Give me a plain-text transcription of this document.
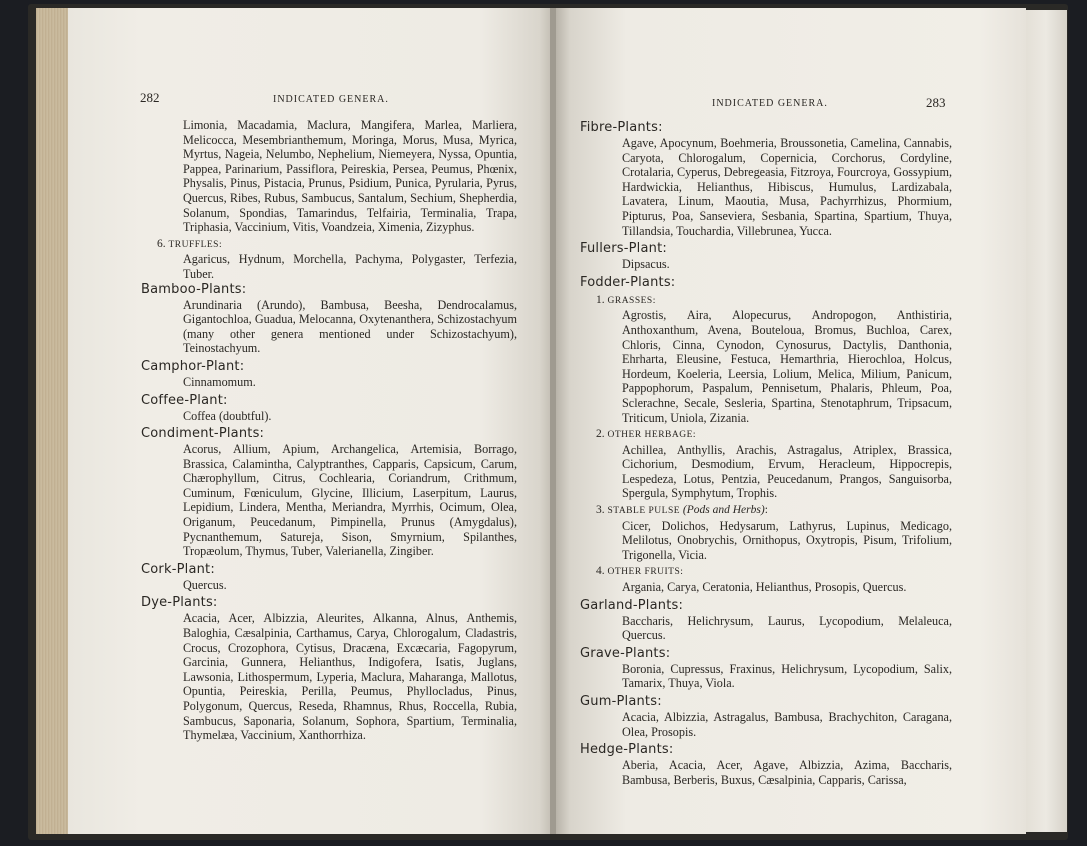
282	INDICATED GENERA.

Limonia, Macadamia, Maclura, Mangifera, Marlea, Marliera, Melicocca, Mesembrianthemum, Moringa, Morus, Musa, Myrica, Myrtus, Nageia, Nelumbo, Nephelium, Niemeyera, Nyssa, Opuntia, Pappea, Parinarium, Passiflora, Peireskia, Persea, Peumus, Phœnix, Physalis, Pinus, Pistacia, Prunus, Psidium, Punica, Pyrularia, Pyrus, Quercus, Ribes, Rubus, Sambucus, Santalum, Sechium, Shepherdia, Solanum, Spondias, Tamarindus, Telfairia, Terminalia, Trapa, Triphasia, Vaccinium, Vitis, Voandzeia, Ximenia, Zizyphus.

6. TRUFFLES:

Agaricus, Hydnum, Morchella, Pachyma, Polygaster, Terfezia, Tuber.

Bamboo-Plants:

Arundinaria (Arundo), Bambusa, Beesha, Dendrocalamus, Gigantochloa, Guadua, Melocanna, Oxytenanthera, Schizostachyum (many other genera mentioned under Schizostachyum), Teinostachyum.

Camphor-Plant:

Cinnamomum.

Coffee-Plant:

Coffea (doubtful).

Condiment-Plants:

Acorus, Allium, Apium, Archangelica, Artemisia, Borrago, Brassica, Calamintha, Calyptranthes, Capparis, Capsicum, Carum, Chærophyllum, Citrus, Cochlearia, Coriandrum, Crithmum, Cuminum, Fœniculum, Glycine, Illicium, Laserpitum, Laurus, Lepidium, Lindera, Mentha, Meriandra, Myrrhis, Ocimum, Olea, Origanum, Peucedanum, Pimpinella, Prunus (Amygdalus), Pycnanthemum, Satureja, Sison, Smyrnium, Spilanthes, Tropæolum, Thymus, Tuber, Valerianella, Zingiber.

Cork-Plant:

Quercus.

Dye-Plants:

Acacia, Acer, Albizzia, Aleurites, Alkanna, Alnus, Anthemis, Baloghia, Cæsalpinia, Carthamus, Carya, Chlorogalum, Cladastris, Crocus, Crozophora, Cytisus, Dracæna, Excæcaria, Fagopyrum, Garcinia, Gunnera, Helianthus, Indigofera, Isatis, Juglans, Lawsonia, Lithospermum, Lyperia, Maclura, Maharanga, Mallotus, Opuntia, Peireskia, Perilla, Peumus, Phyllocladus, Pinus, Polygonum, Quercus, Reseda, Rhamnus, Rhus, Roccella, Rubia, Sambucus, Saponaria, Solanum, Sophora, Spartium, Terminalia, Thymelæa, Vaccinium, Xanthorrhiza.

INDICATED GENERA.	283

Fibre-Plants:

Agave, Apocynum, Boehmeria, Broussonetia, Camelina, Cannabis, Caryota, Chlorogalum, Copernicia, Corchorus, Cordyline, Crotalaria, Cyperus, Debregeasia, Fitzroya, Fourcroya, Gossypium, Hardwickia, Helianthus, Hibiscus, Humulus, Lardizabala, Lavatera, Linum, Maoutia, Musa, Pachyrrhizus, Phormium, Pipturus, Poa, Sanseviera, Sesbania, Spartina, Spartium, Thuya, Tillandsia, Touchardia, Villebrunea, Yucca.

Fullers-Plant:

Dipsacus.

Fodder-Plants:

1. GRASSES:

Agrostis, Aira, Alopecurus, Andropogon, Anthistiria, Anthoxanthum, Avena, Bouteloua, Bromus, Buchloa, Carex, Chloris, Cinna, Cynodon, Cynosurus, Dactylis, Danthonia, Ehrharta, Eleusine, Festuca, Hemarthria, Hierochloa, Holcus, Hordeum, Koeleria, Leersia, Lolium, Melica, Milium, Panicum, Pappophorum, Paspalum, Pennisetum, Phalaris, Phleum, Poa, Sclerachne, Secale, Sesleria, Spartina, Stenotaphrum, Tripsacum, Triticum, Uniola, Zizania.

2. OTHER HERBAGE:

Achillea, Anthyllis, Arachis, Astragalus, Atriplex, Brassica, Cichorium, Desmodium, Ervum, Heracleum, Hippocrepis, Lespedeza, Lotus, Pentzia, Peucedanum, Prangos, Sanguisorba, Spergula, Symphytum, Trophis.

3. STABLE PULSE (Pods and Herbs):

Cicer, Dolichos, Hedysarum, Lathyrus, Lupinus, Medicago, Melilotus, Onobrychis, Ornithopus, Oxytropis, Pisum, Trifolium, Trigonella, Vicia.

4. OTHER FRUITS:

Argania, Carya, Ceratonia, Helianthus, Prosopis, Quercus.

Garland-Plants:

Baccharis, Helichrysum, Laurus, Lycopodium, Melaleuca, Quercus.

Grave-Plants:

Boronia, Cupressus, Fraxinus, Helichrysum, Lycopodium, Salix, Tamarix, Thuya, Viola.

Gum-Plants:

Acacia, Albizzia, Astragalus, Bambusa, Brachychiton, Caragana, Olea, Prosopis.

Hedge-Plants:

Aberia, Acacia, Acer, Agave, Albizzia, Azima, Baccharis, Bambusa, Berberis, Buxus, Cæsalpinia, Capparis, Carissa,
